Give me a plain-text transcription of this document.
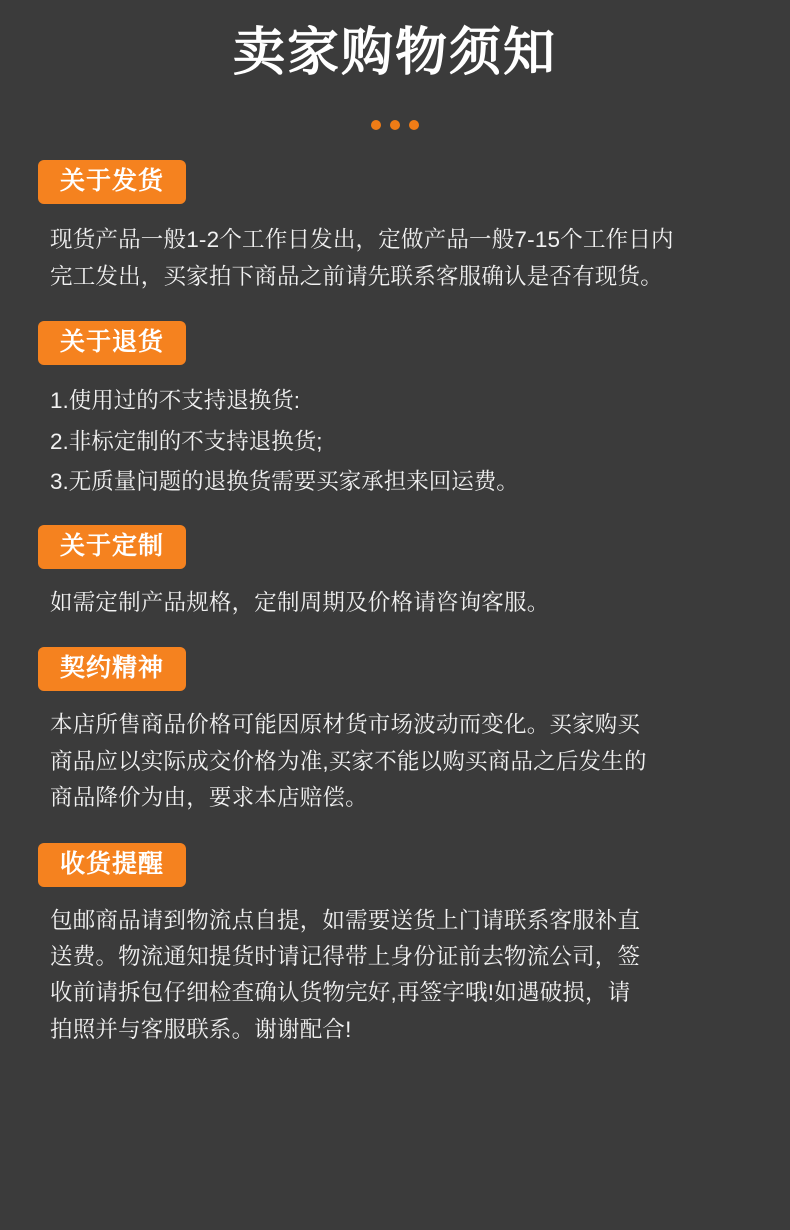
卖家购物须知
关于发货

现货产品一般1-2个工作日发出，定做产品一般7-15个工作日内
完工发出，买家拍下商品之前请先联系客服确认是否有现货。

关于退货

1.使用过的不支持退换货:
2.非标定制的不支持退换货;
3.无质量问题的退换货需要买家承担来回运费。

关于定制

如需定制产品规格，定制周期及价格请咨询客服。

契约精神

本店所售商品价格可能因原材货市场波动而变化。买家购买
商品应以实际成交价格为准,买家不能以购买商品之后发生的
商品降价为由，要求本店赔偿。

收货提醒

包邮商品请到物流点自提，如需要送货上门请联系客服补直
送费。物流通知提货时请记得带上身份证前去物流公司，签
收前请拆包仔细检查确认货物完好,再签字哦!如遇破损，请
拍照并与客服联系。谢谢配合!
